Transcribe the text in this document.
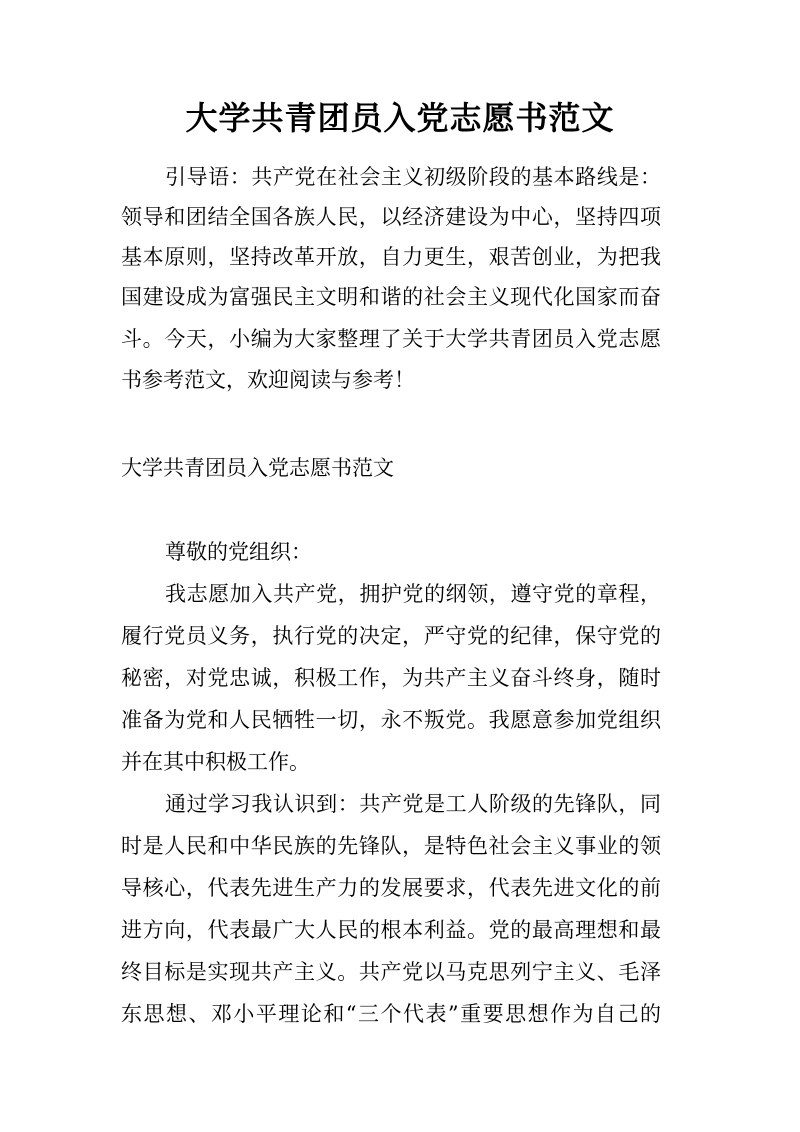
大学共青团员入党志愿书范文

引导语：共产党在社会主义初级阶段的基本路线是：

领导和团结全国各族人民，以经济建设为中心，坚持四项

基本原则，坚持改革开放，自力更生，艰苦创业，为把我

国建设成为富强民主文明和谐的社会主义现代化国家而奋

斗。今天，小编为大家整理了关于大学共青团员入党志愿

书参考范文，欢迎阅读与参考！

大学共青团员入党志愿书范文

尊敬的党组织：

我志愿加入共产党，拥护党的纲领，遵守党的章程，

履行党员义务，执行党的决定，严守党的纪律，保守党的

秘密，对党忠诚，积极工作，为共产主义奋斗终身，随时

准备为党和人民牺牲一切，永不叛党。我愿意参加党组织

并在其中积极工作。

通过学习我认识到：共产党是工人阶级的先锋队，同

时是人民和中华民族的先锋队，是特色社会主义事业的领

导核心，代表先进生产力的发展要求，代表先进文化的前

进方向，代表最广大人民的根本利益。党的最高理想和最

终目标是实现共产主义。共产党以马克思列宁主义、毛泽

东思想、邓小平理论和“三个代表”重要思想作为自己的
